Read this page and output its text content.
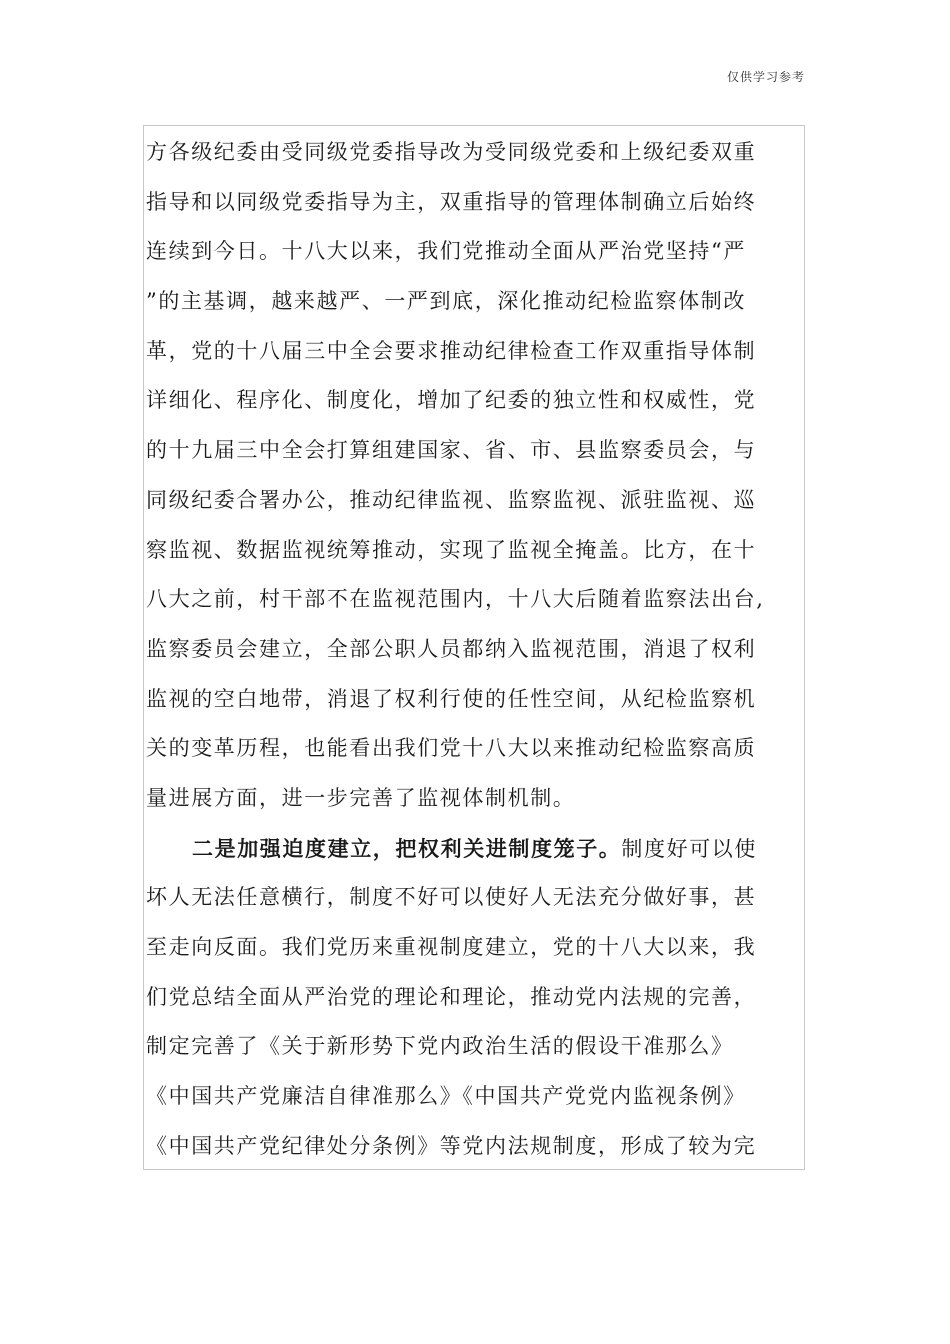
仅供学习参考
方各级纪委由受同级党委指导改为受同级党委和上级纪委双重
指导和以同级党委指导为主，双重指导的管理体制确立后始终
连续到今日。十八大以来，我们党推动全面从严治党坚持“严
”的主基调，越来越严、一严到底，深化推动纪检监察体制改
革，党的十八届三中全会要求推动纪律检查工作双重指导体制
详细化、程序化、制度化，增加了纪委的独立性和权威性，党
的十九届三中全会打算组建国家、省、市、县监察委员会，与
同级纪委合署办公，推动纪律监视、监察监视、派驻监视、巡
察监视、数据监视统筹推动，实现了监视全掩盖。比方，在十
八大之前，村干部不在监视范围内，十八大后随着监察法出台,
监察委员会建立，全部公职人员都纳入监视范围，消退了权利
监视的空白地带，消退了权利行使的任性空间，从纪检监察机
关的变革历程，也能看出我们党十八大以来推动纪检监察高质
量进展方面，进一步完善了监视体制机制。
二是加强迫度建立，把权利关进制度笼子。制度好可以使
坏人无法任意横行，制度不好可以使好人无法充分做好事，甚
至走向反面。我们党历来重视制度建立，党的十八大以来，我
们党总结全面从严治党的理论和理论，推动党内法规的完善，
制定完善了《关于新形势下党内政治生活的假设干准那么》
《中国共产党廉洁自律准那么》《中国共产党党内监视条例》
《中国共产党纪律处分条例》等党内法规制度，形成了较为完
